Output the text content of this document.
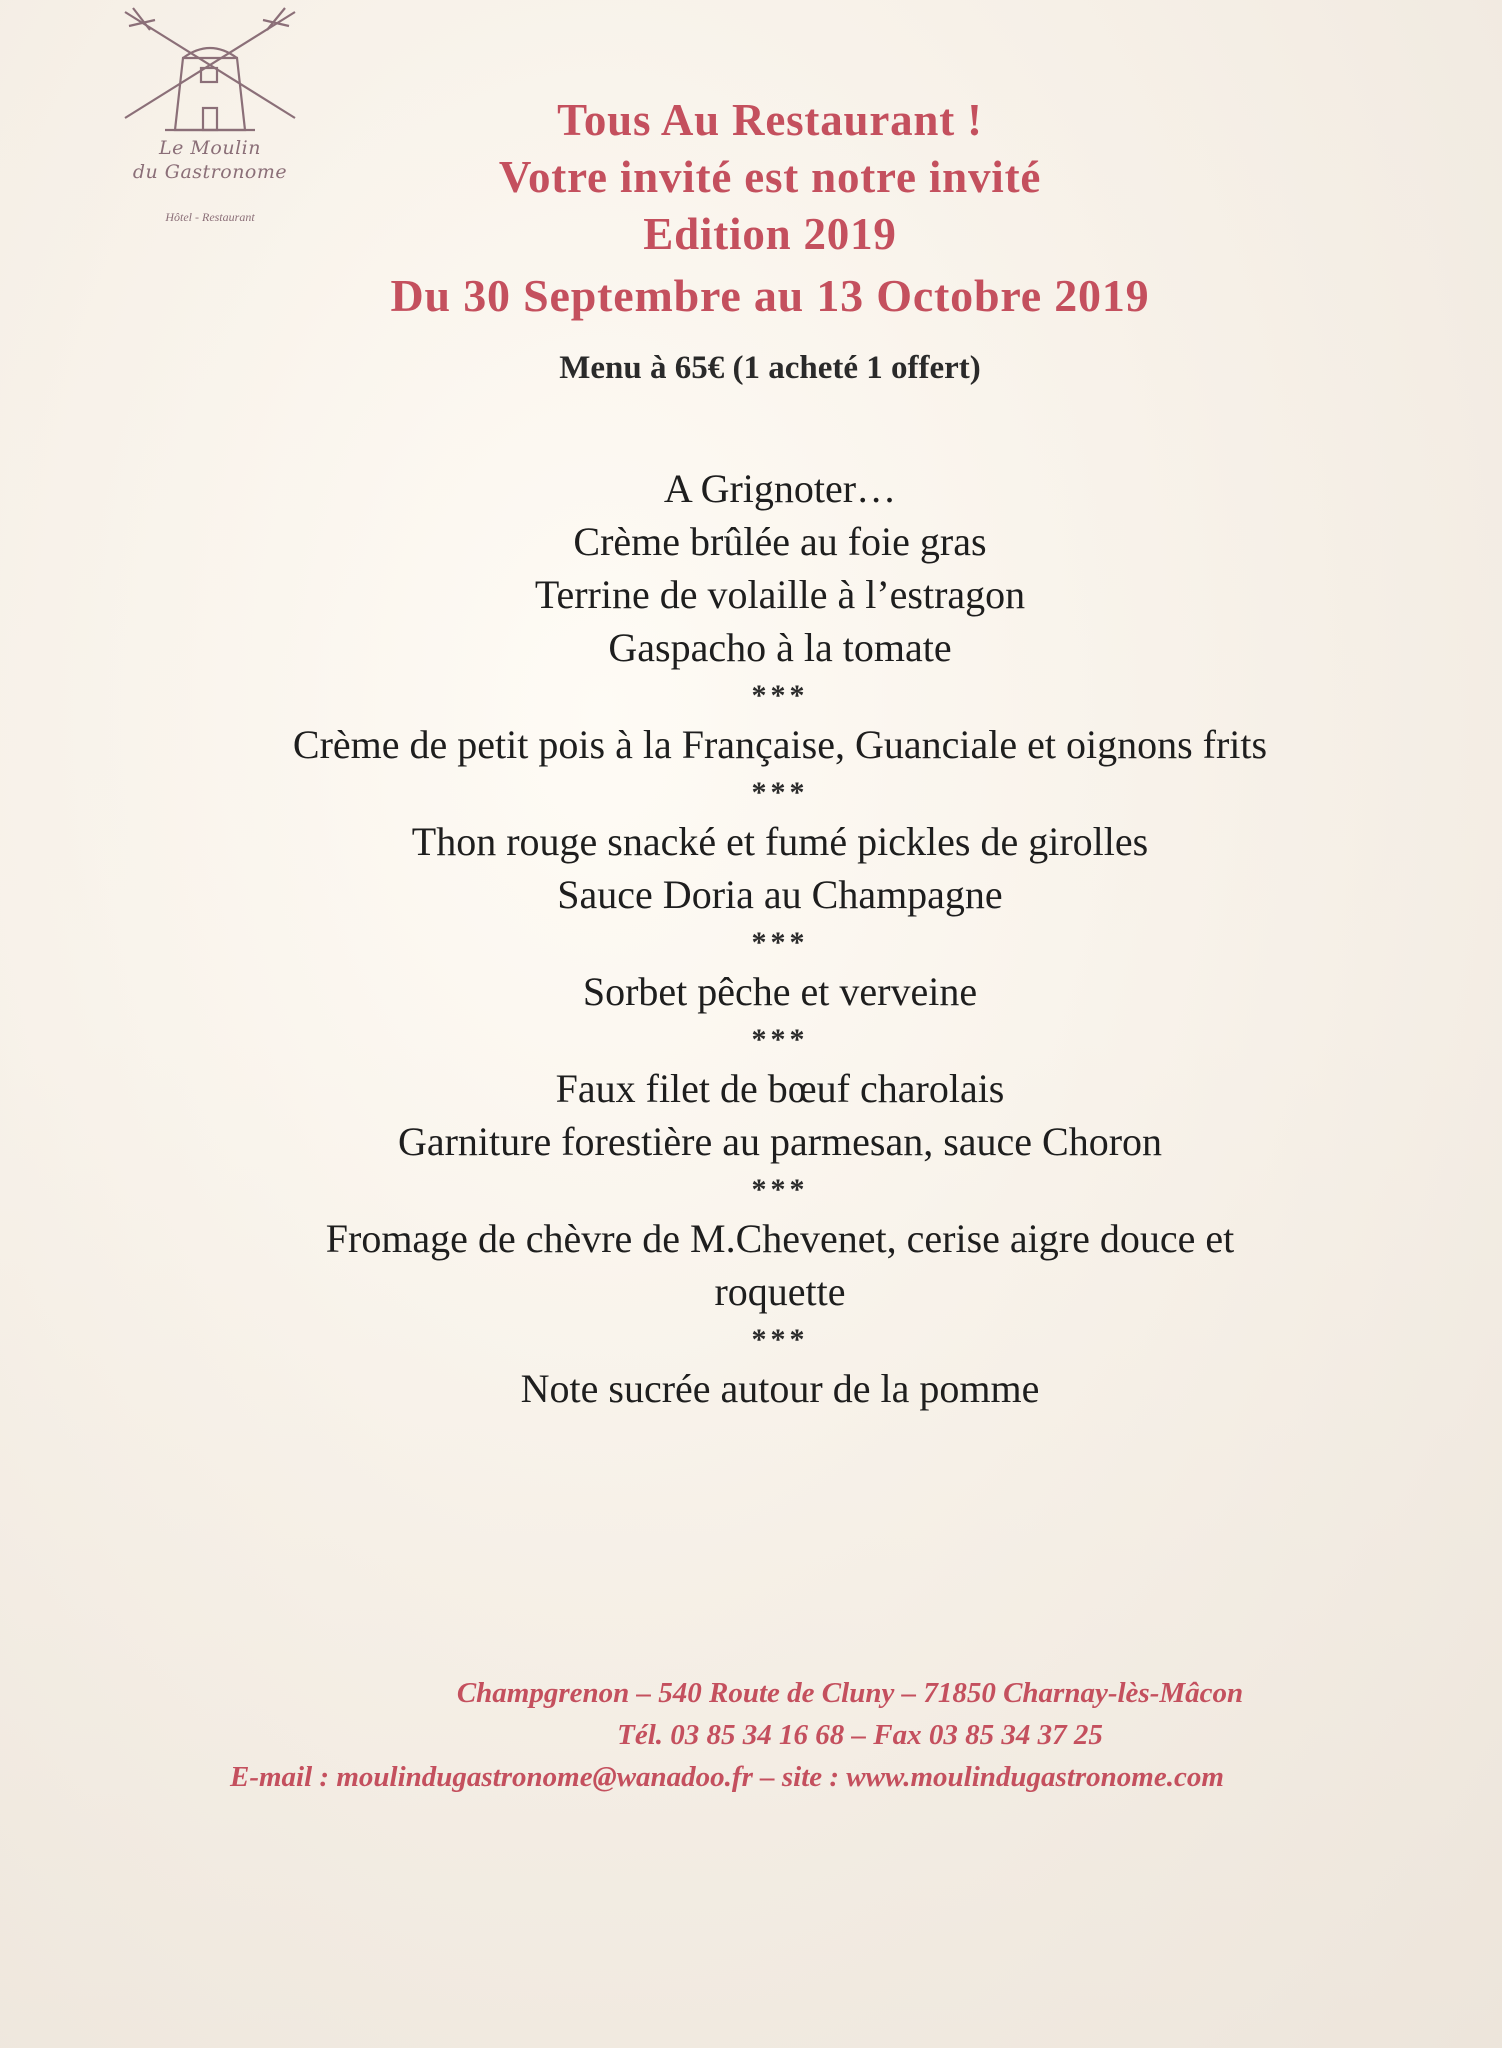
Le Moulin
du Gastronome
Hôtel - Restaurant
Tous Au Restaurant !
Votre invité est notre invité
Edition 2019
Du 30 Septembre au 13 Octobre 2019
Menu à 65€ (1 acheté 1 offert)
A Grignoter…
Crème brûlée au foie gras
Terrine de volaille à l’estragon
Gaspacho à la tomate
***
Crème de petit pois à la Française, Guanciale et oignons frits
***
Thon rouge snacké et fumé pickles de girolles
Sauce Doria au Champagne
***
Sorbet pêche et verveine
***
Faux filet de bœuf charolais
Garniture forestière au parmesan, sauce Choron
***
Fromage de chèvre de M.Chevenet, cerise aigre douce et
roquette
***
Note sucrée autour de la pomme
Champgrenon – 540 Route de Cluny – 71850 Charnay-lès-Mâcon
Tél. 03 85 34 16 68 – Fax 03 85 34 37 25
E-mail : moulindugastronome@wanadoo.fr – site : www.moulindugastronome.com
